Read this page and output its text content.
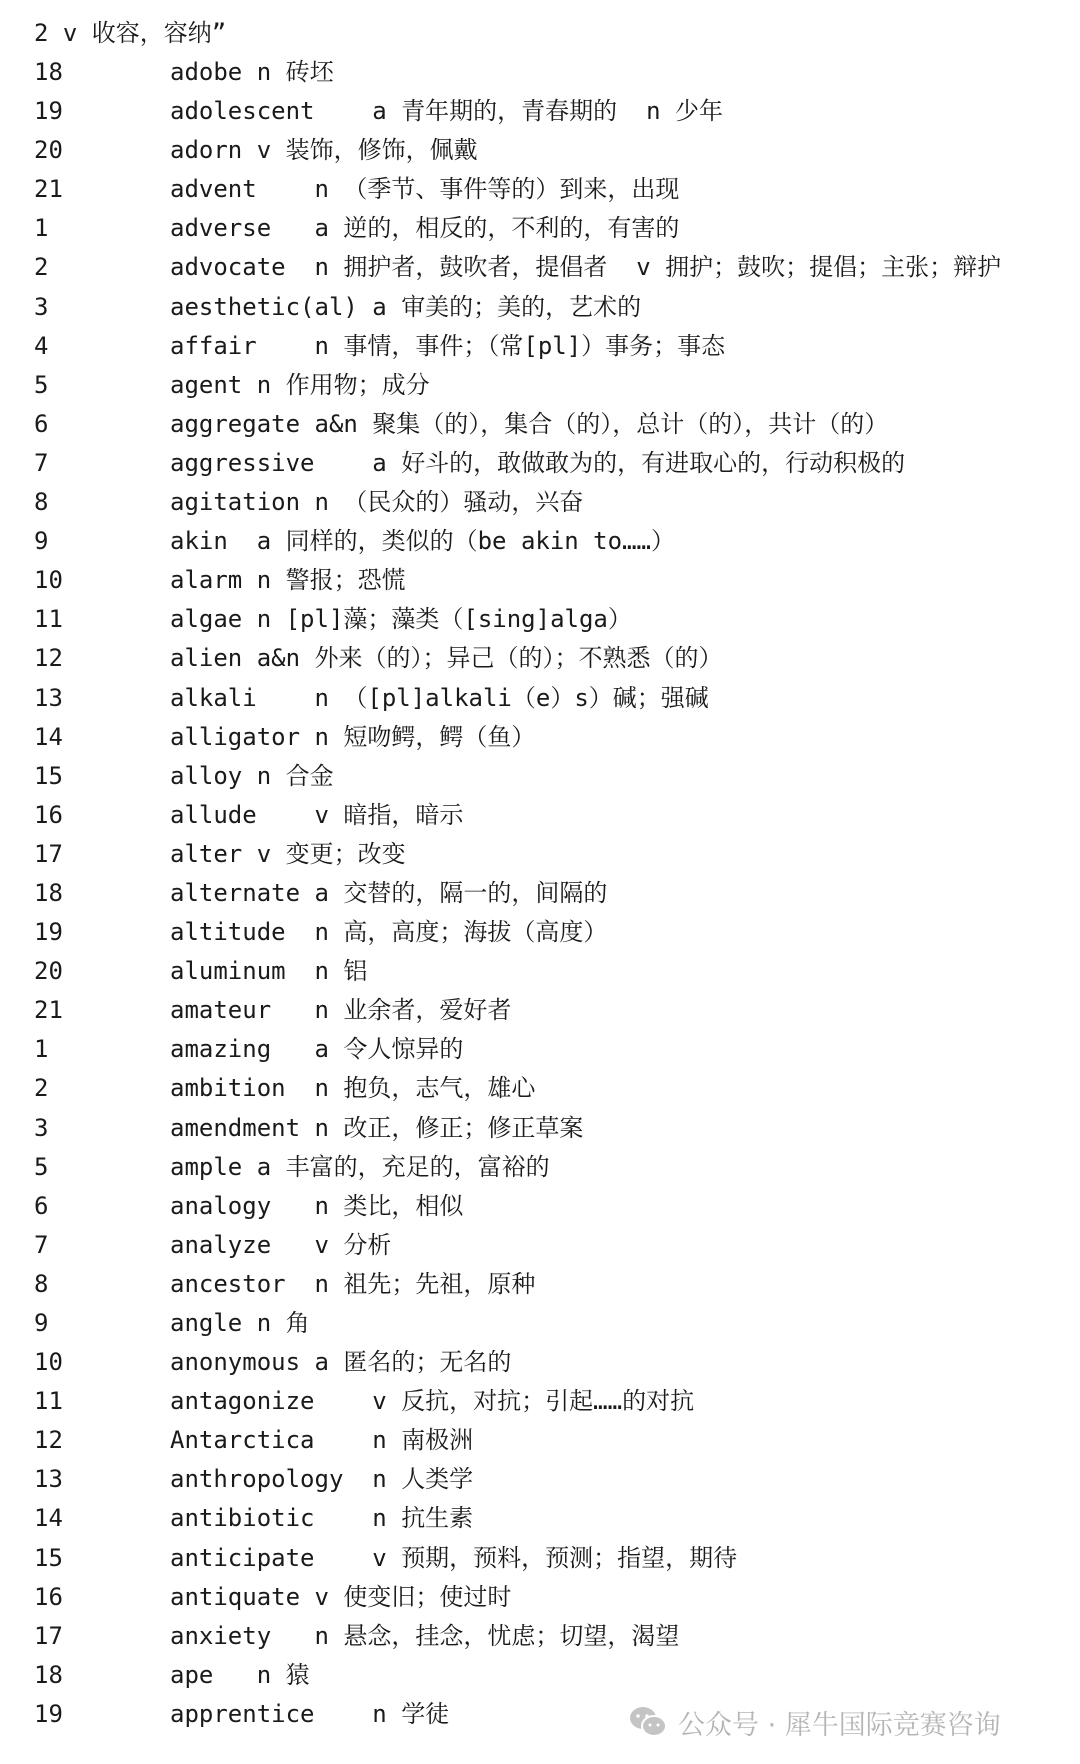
2 v 收容，容纳”
18	adobe n 砖坯
19	adolescent    a 青年期的，青春期的  n 少年
20	adorn v 装饰，修饰，佩戴
21	advent    n （季节、事件等的）到来，出现
1	adverse   a 逆的，相反的，不利的，有害的
2	advocate  n 拥护者，鼓吹者，提倡者  v 拥护；鼓吹；提倡；主张；辩护
3	aesthetic(al) a 审美的；美的，艺术的
4	affair    n 事情，事件；（常[pl]）事务；事态
5	agent n 作用物；成分
6	aggregate a&n 聚集（的），集合（的），总计（的），共计（的）
7	aggressive    a 好斗的，敢做敢为的，有进取心的，行动积极的
8	agitation n （民众的）骚动，兴奋
9	akin  a 同样的，类似的（be akin to……）
10	alarm n 警报；恐慌
11	algae n [pl]藻；藻类（[sing]alga）
12	alien a&n 外来（的）；异己（的）；不熟悉（的）
13	alkali    n （[pl]alkali（e）s）碱；强碱
14	alligator n 短吻鳄，鳄（鱼）
15	alloy n 合金
16	allude    v 暗指，暗示
17	alter v 变更；改变
18	alternate a 交替的，隔一的，间隔的
19	altitude  n 高，高度；海拔（高度）
20	aluminum  n 铝
21	amateur   n 业余者，爱好者
1	amazing   a 令人惊异的
2	ambition  n 抱负，志气，雄心
3	amendment n 改正，修正；修正草案
5	ample a 丰富的，充足的，富裕的
6	analogy   n 类比，相似
7	analyze   v 分析
8	ancestor  n 祖先；先祖，原种
9	angle n 角
10	anonymous a 匿名的；无名的
11	antagonize    v 反抗，对抗；引起……的对抗
12	Antarctica    n 南极洲
13	anthropology  n 人类学
14	antibiotic    n 抗生素
15	anticipate    v 预期，预料，预测；指望，期待
16	antiquate v 使变旧；使过时
17	anxiety   n 悬念，挂念，忧虑；切望，渴望
18	ape   n 猿
19	apprentice    n 学徒	公众号 · 犀牛国际竞赛咨询
